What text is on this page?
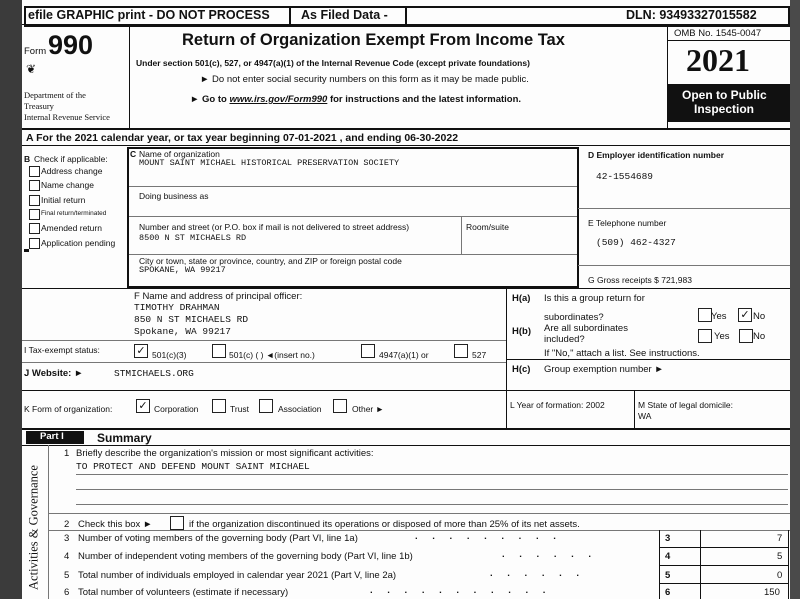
efile GRAPHIC print - DO NOT PROCESS	As Filed Data -	DLN: 93493327015582
Form 990
❦
Department of the
Treasury
Internal Revenue Service
Return of Organization Exempt From Income Tax
Under section 501(c), 527, or 4947(a)(1) of the Internal Revenue Code (except private foundations)
► Do not enter social security numbers on this form as it may be made public.
► Go to www.irs.gov/Form990 for instructions and the latest information.
OMB No. 1545-0047
2021
Open to Public
Inspection
A For the 2021 calendar year, or tax year beginning 07-01-2021 , and ending 06-30-2022
B Check if applicable:
Address change
Name change
Initial return
Final return/terminated
Amended return
Application pending
C Name of organization
MOUNT SAINT MICHAEL HISTORICAL PRESERVATION SOCIETY
Doing business as
Number and street (or P.O. box if mail is not delivered to street address)	Room/suite
8500 N ST MICHAELS RD
City or town, state or province, country, and ZIP or foreign postal code
SPOKANE, WA 99217
D Employer identification number
42-1554689
E Telephone number
(509) 462-4327
G Gross receipts $ 721,983
F Name and address of principal officer:
TIMOTHY DRAHMAN
850 N ST MICHAELS RD
Spokane, WA 99217
H(a) Is this a group return for
subordinates?	Yes ✓ No
H(b) Are all subordinates
included?	Yes No
If "No," attach a list. See instructions.
H(c) Group exemption number ►
I Tax-exempt status:	✓ 501(c)(3)	501(c) ( ) ◄(insert no.)	4947(a)(1) or	527
J Website: ►	STMICHAELS.ORG
K Form of organization: ✓ Corporation	Trust	Association	Other ►	L Year of formation: 2002	M State of legal domicile:
WA
Part I	Summary
Activities & Governance
1 Briefly describe the organization's mission or most significant activities:
TO PROTECT AND DEFEND MOUNT SAINT MICHAEL
2 Check this box ►	if the organization discontinued its operations or disposed of more than 25% of its net assets.
3 Number of voting members of the governing body (Part VI, line 1a)	. . . . . . . . .	3	7
4 Number of independent voting members of the governing body (Part VI, line 1b)	. . . . . .	4	5
5 Total number of individuals employed in calendar year 2021 (Part V, line 2a)	. . . . . .	5	0
6 Total number of volunteers (estimate if necessary)	. . . . . . . . . . .	6	150
